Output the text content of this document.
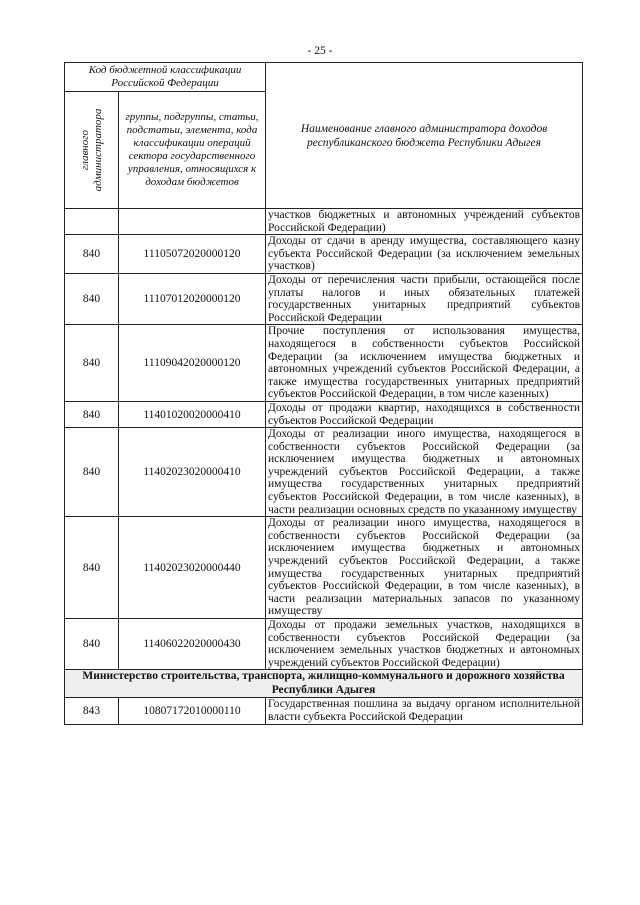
- 25 -
Код бюджетной классификации Российской Федерации		Наименование главного администратора доходов республиканского бюджета Республики Адыгея

главного администратора	группы, подгруппы, статьи, подстатьи, элемента, кода классификации операций сектора государственного управления, относящихся к доходам бюджетов	
		участков бюджетных и автономных учреждений субъектов Российской Федерации)
840	11105072020000120	Доходы от сдачи в аренду имущества, составляющего казну субъекта Российской Федерации (за исключением земельных участков)
840	11107012020000120	Доходы от перечисления части прибыли, остающейся после уплаты налогов и иных обязательных платежей государственных унитарных предприятий субъектов Российской Федерации
840	11109042020000120	Прочие поступления от использования имущества, находящегося в собственности субъектов Российской Федерации (за исключением имущества бюджетных и автономных учреждений субъектов Российской Федерации, а также имущества государственных унитарных предприятий субъектов Российской Федерации, в том числе казенных)
840	11401020020000410	Доходы от продажи квартир, находящихся в собственности субъектов Российской Федерации
840	11402023020000410	Доходы от реализации иного имущества, находящегося в собственности субъектов Российской Федерации (за исключением имущества бюджетных и автономных учреждений субъектов Российской Федерации, а также имущества государственных унитарных предприятий субъектов Российской Федерации, в том числе казенных), в части реализации основных средств по указанному имуществу
840	11402023020000440	Доходы от реализации иного имущества, находящегося в собственности субъектов Российской Федерации (за исключением имущества бюджетных и автономных учреждений субъектов Российской Федерации, а также имущества государственных унитарных предприятий субъектов Российской Федерации, в том числе казенных), в части реализации материальных запасов по указанному имуществу
840	11406022020000430	Доходы от продажи земельных участков, находящихся в собственности субъектов Российской Федерации (за исключением земельных участков бюджетных и автономных учреждений субъектов Российской Федерации)
Министерство строительства, транспорта, жилищно-коммунального и дорожного хозяйства Республики Адыгея		
843	10807172010000110	Государственная пошлина за выдачу органом исполнительной власти субъекта Российской Федерации
